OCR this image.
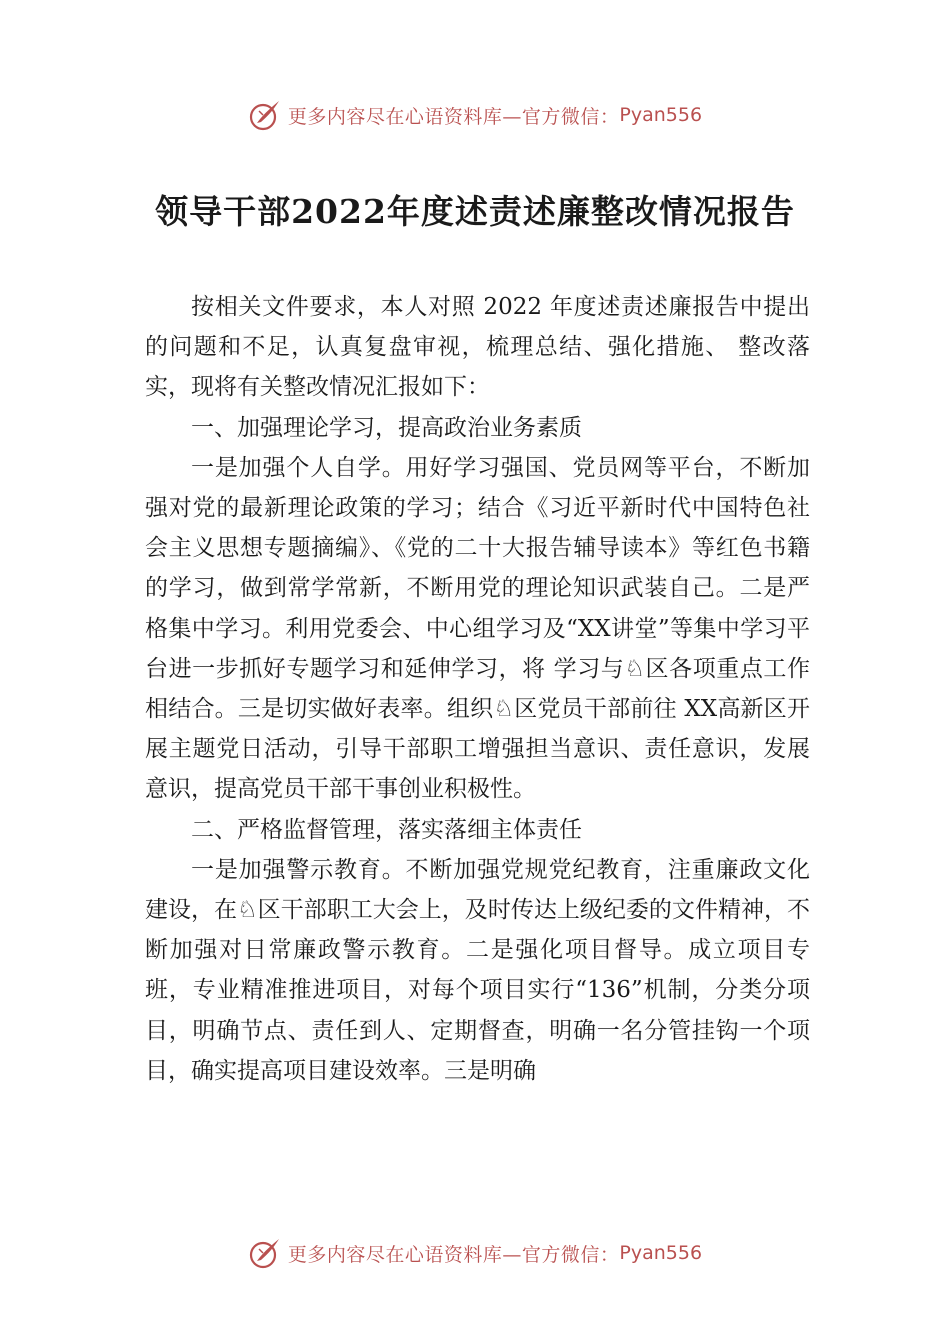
更多内容尽在心语资料库—官方微信： Pyan556
领导干部2022年度述责述廉整改情况报告

按相关文件要求，本人对照 2022 年度述责述廉报告中提出的问题和不足，认真复盘审视，梳理总结、强化措施、 整改落实，现将有关整改情况汇报如下：

一、加强理论学习，提高政治业务素质

一是加强个人自学。用好学习强国、党员网等平台，不断加强对党的最新理论政策的学习；结合《习近平新时代中国特色社会主义思想专题摘编》、《党的二十大报告辅导读本》等红色书籍的学习，做到常学常新，不断用党的理论知识武装自己。二是严格集中学习。利用党委会、中心组学习及“XX讲堂”等集中学习平台进一步抓好专题学习和延伸学习，将 学习与♘区各项重点工作相结合。三是切实做好表率。组织♘区党员干部前往 XX高新区开展主题党日活动，引导干部职工增强担当意识、责任意识，发展意识，提高党员干部干事创业积极性。

二、严格监督管理，落实落细主体责任

一是加强警示教育。不断加强党规党纪教育，注重廉政文化建设，在♘区干部职工大会上，及时传达上级纪委的文件精神，不断加强对日常廉政警示教育。二是强化项目督导。成立项目专班，专业精准推进项目，对每个项目实行“136”机制，分类分项目，明确节点、责任到人、定期督查，明确一名分管挂钩一个项目，确实提高项目建设效率。三是明确

更多内容尽在心语资料库—官方微信： Pyan556
